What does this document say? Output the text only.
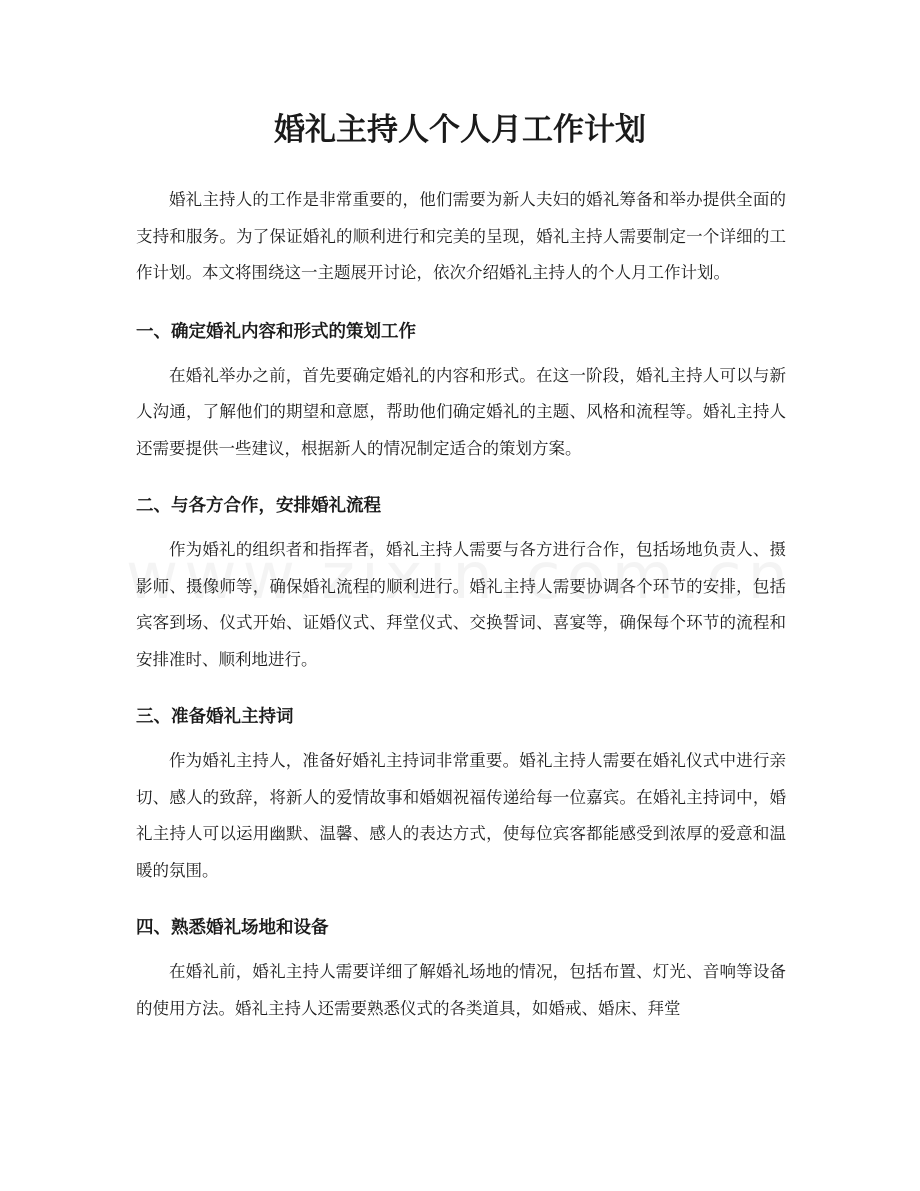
婚礼主持人个人月工作计划

婚礼主持人的工作是非常重要的，他们需要为新人夫妇的婚礼筹备和举办提供全面的支持和服务。为了保证婚礼的顺利进行和完美的呈现，婚礼主持人需要制定一个详细的工作计划。本文将围绕这一主题展开讨论，依次介绍婚礼主持人的个人月工作计划。

一、确定婚礼内容和形式的策划工作

在婚礼举办之前，首先要确定婚礼的内容和形式。在这一阶段，婚礼主持人可以与新人沟通，了解他们的期望和意愿，帮助他们确定婚礼的主题、风格和流程等。婚礼主持人还需要提供一些建议，根据新人的情况制定适合的策划方案。

二、与各方合作，安排婚礼流程

作为婚礼的组织者和指挥者，婚礼主持人需要与各方进行合作，包括场地负责人、摄影师、摄像师等，确保婚礼流程的顺利进行。婚礼主持人需要协调各个环节的安排，包括宾客到场、仪式开始、证婚仪式、拜堂仪式、交换誓词、喜宴等，确保每个环节的流程和安排准时、顺利地进行。

三、准备婚礼主持词

作为婚礼主持人，准备好婚礼主持词非常重要。婚礼主持人需要在婚礼仪式中进行亲切、感人的致辞，将新人的爱情故事和婚姻祝福传递给每一位嘉宾。在婚礼主持词中，婚礼主持人可以运用幽默、温馨、感人的表达方式，使每位宾客都能感受到浓厚的爱意和温暖的氛围。

四、熟悉婚礼场地和设备

在婚礼前，婚礼主持人需要详细了解婚礼场地的情况，包括布置、灯光、音响等设备的使用方法。婚礼主持人还需要熟悉仪式的各类道具，如婚戒、婚床、拜堂
